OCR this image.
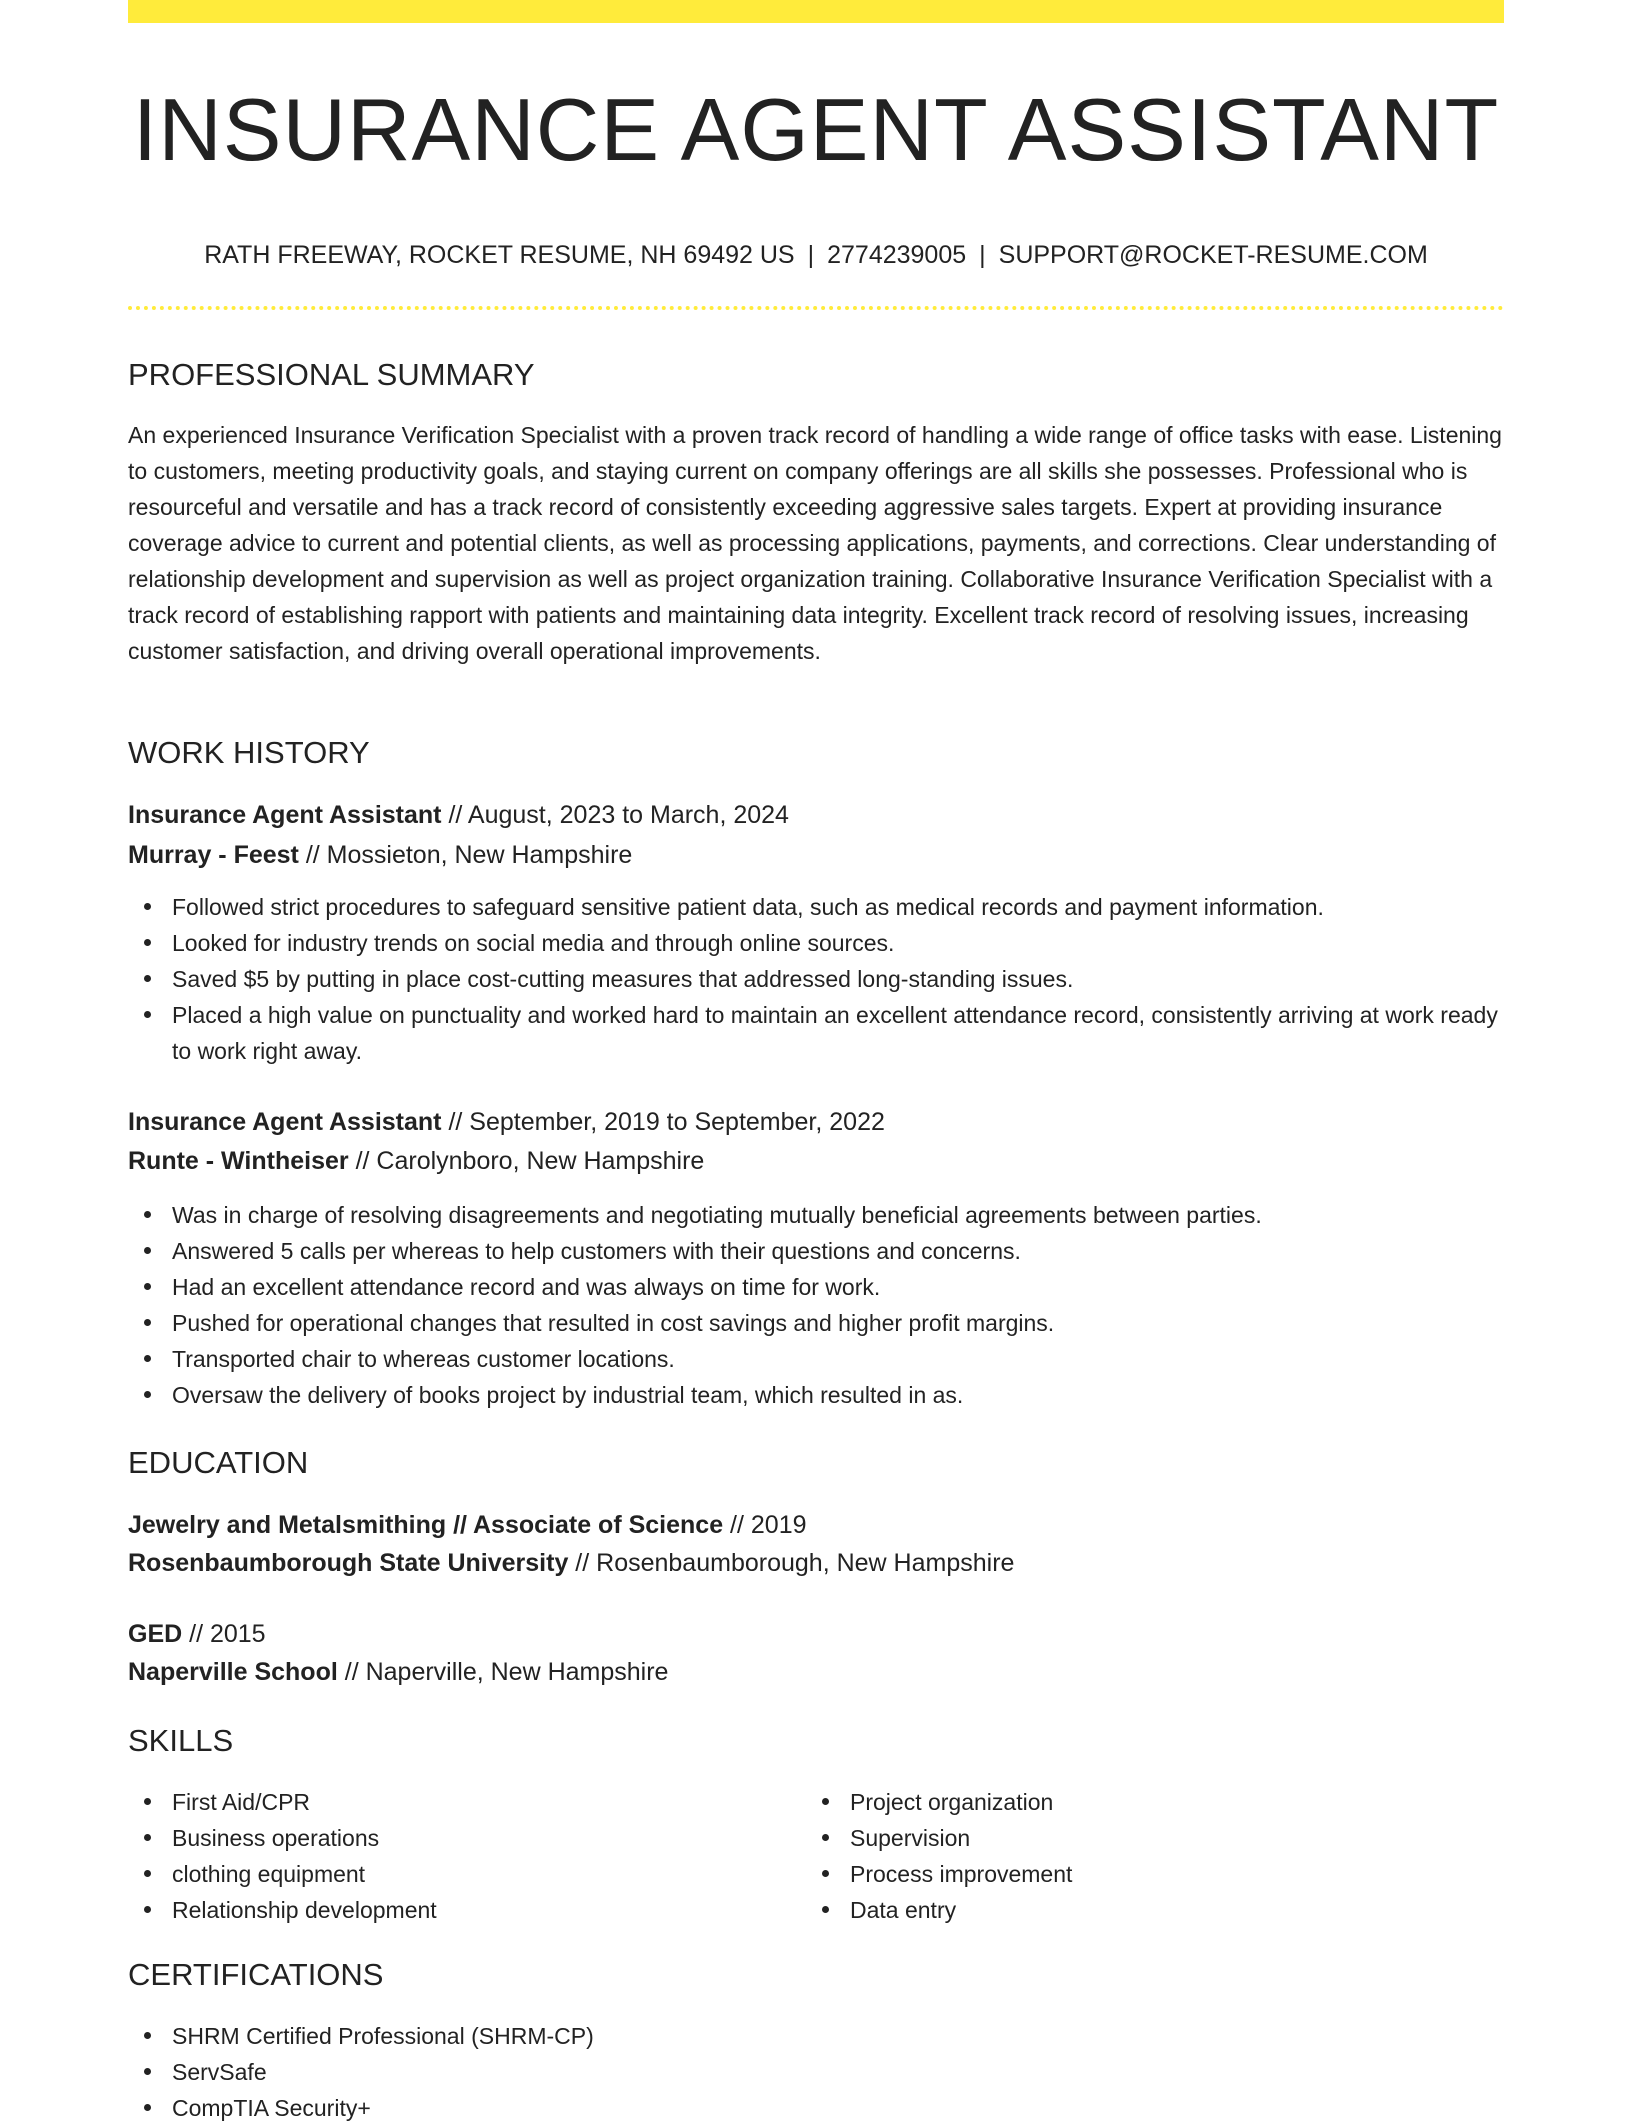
INSURANCE AGENT ASSISTANT
RATH FREEWAY, ROCKET RESUME, NH 69492 US | 2774239005 | SUPPORT@ROCKET-RESUME.COM
PROFESSIONAL SUMMARY
An experienced Insurance Verification Specialist with a proven track record of handling a wide range of office tasks with ease. Listening to customers, meeting productivity goals, and staying current on company offerings are all skills she possesses. Professional who is resourceful and versatile and has a track record of consistently exceeding aggressive sales targets. Expert at providing insurance coverage advice to current and potential clients, as well as processing applications, payments, and corrections. Clear understanding of relationship development and supervision as well as project organization training. Collaborative Insurance Verification Specialist with a track record of establishing rapport with patients and maintaining data integrity. Excellent track record of resolving issues, increasing customer satisfaction, and driving overall operational improvements.
WORK HISTORY
Insurance Agent Assistant // August, 2023 to March, 2024
Murray - Feest // Mossieton, New Hampshire
Followed strict procedures to safeguard sensitive patient data, such as medical records and payment information.
Looked for industry trends on social media and through online sources.
Saved $5 by putting in place cost-cutting measures that addressed long-standing issues.
Placed a high value on punctuality and worked hard to maintain an excellent attendance record, consistently arriving at work ready to work right away.
Insurance Agent Assistant // September, 2019 to September, 2022
Runte - Wintheiser // Carolynboro, New Hampshire
Was in charge of resolving disagreements and negotiating mutually beneficial agreements between parties.
Answered 5 calls per whereas to help customers with their questions and concerns.
Had an excellent attendance record and was always on time for work.
Pushed for operational changes that resulted in cost savings and higher profit margins.
Transported chair to whereas customer locations.
Oversaw the delivery of books project by industrial team, which resulted in as.
EDUCATION
Jewelry and Metalsmithing // Associate of Science // 2019
Rosenbaumborough State University // Rosenbaumborough, New Hampshire
GED // 2015
Naperville School // Naperville, New Hampshire
SKILLS
First Aid/CPR
Business operations
clothing equipment
Relationship development
Project organization
Supervision
Process improvement
Data entry
CERTIFICATIONS
SHRM Certified Professional (SHRM-CP)
ServSafe
CompTIA Security+
